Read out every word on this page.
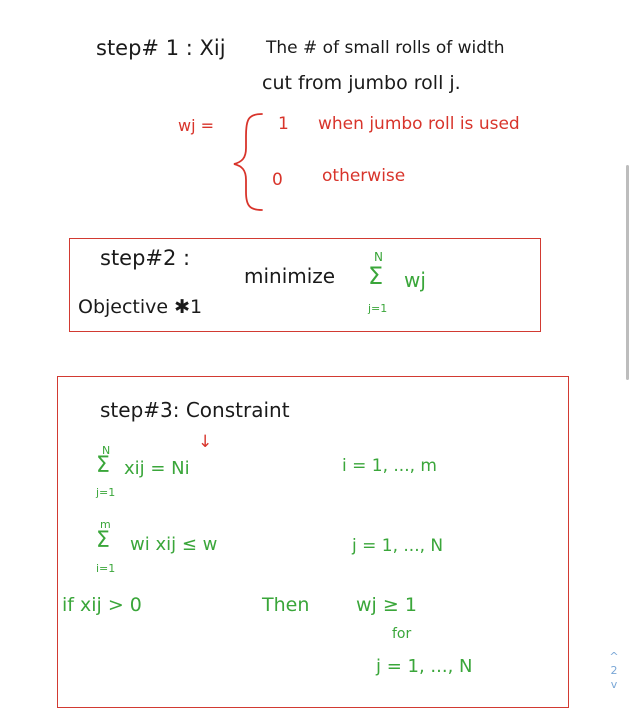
step# 1 : Xij The # of small rolls of width
cut from jumbo roll j.
wj =	1 when jumbo roll is used
0 otherwise
step#2 :
Objective ✱1
minimize
N
Σ wj
j=1
step#3: Constraint
↓
N
Σ xij = Ni
j=1
i = 1, ..., m
m
Σ wi xij ≤ w
i=1
j = 1, ..., N
if xij > 0	Then wj ≥ 1
for
j = 1, ..., N	^
2
v
